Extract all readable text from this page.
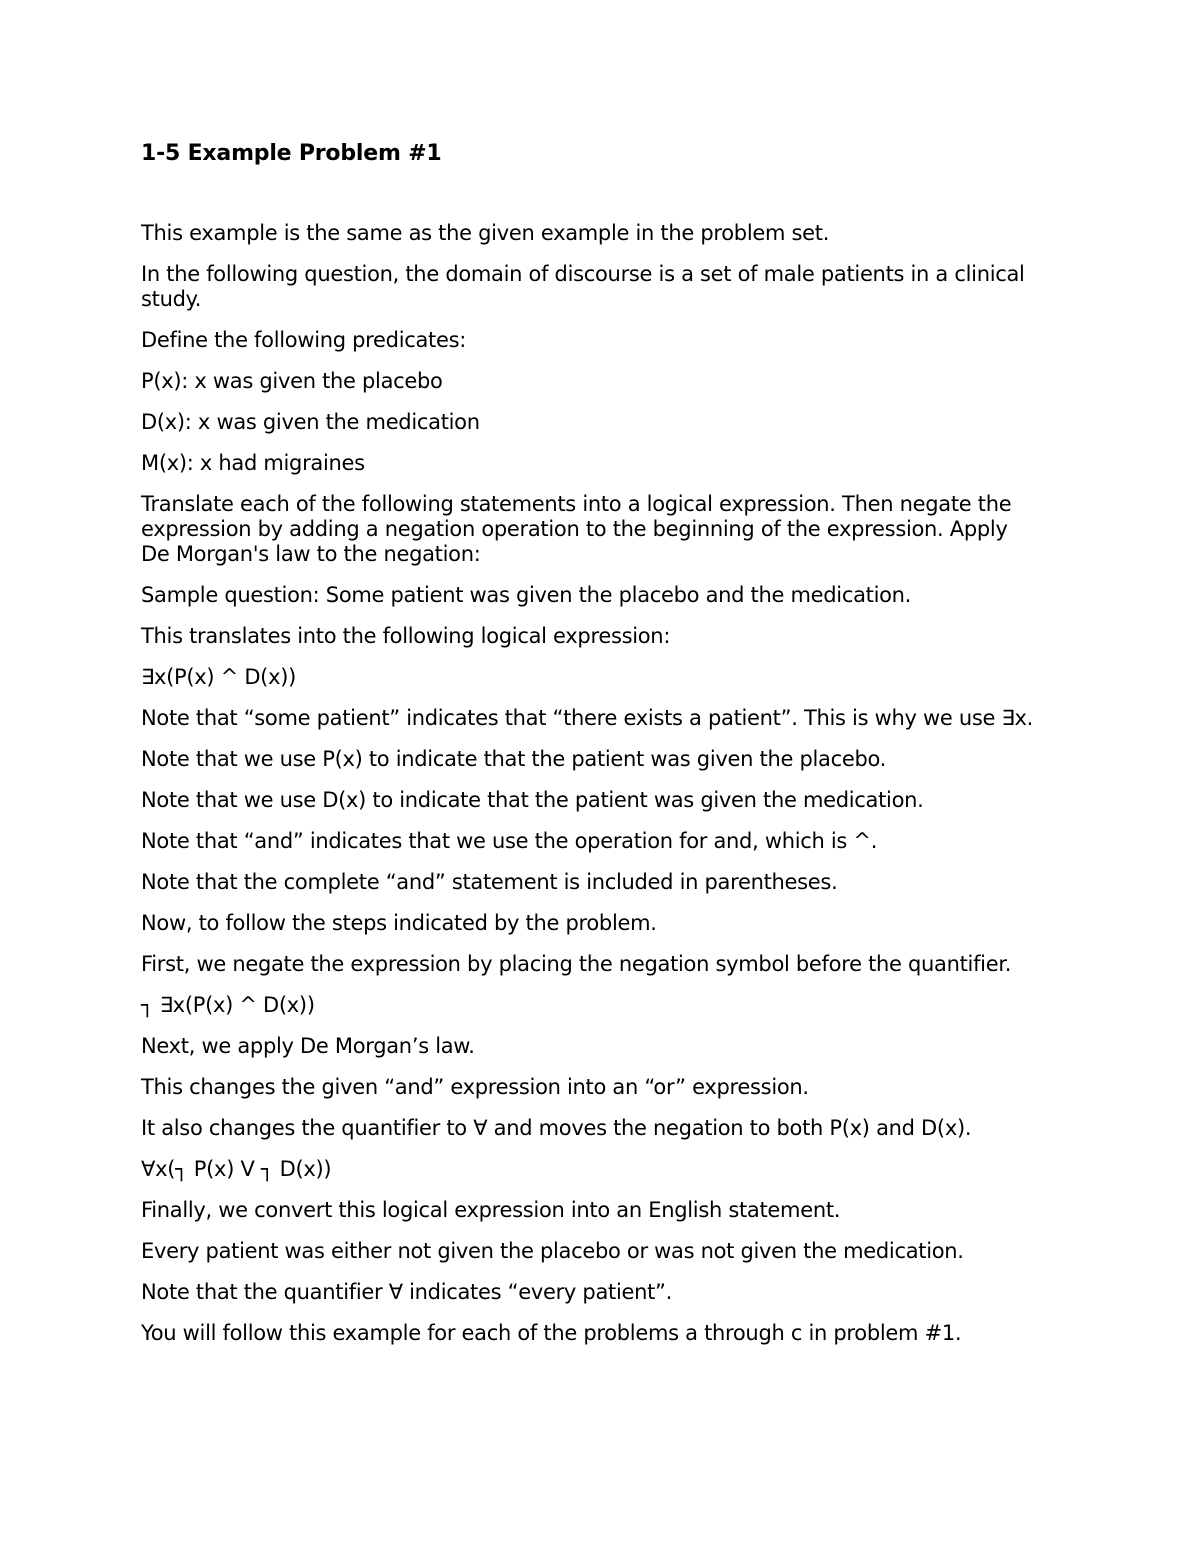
1-5 Example Problem #1

This example is the same as the given example in the problem set.

In the following question, the domain of discourse is a set of male patients in a clinical study.

Define the following predicates:

P(x): x was given the placebo

D(x): x was given the medication

M(x): x had migraines

Translate each of the following statements into a logical expression. Then negate the expression by adding a negation operation to the beginning of the expression. Apply De Morgan's law to the negation:

Sample question: Some patient was given the placebo and the medication.

This translates into the following logical expression:

∃x(P(x) ^ D(x))

Note that “some patient” indicates that “there exists a patient”. This is why we use ∃x.

Note that we use P(x) to indicate that the patient was given the placebo.

Note that we use D(x) to indicate that the patient was given the medication.

Note that “and” indicates that we use the operation for and, which is ^.

Note that the complete “and” statement is included in parentheses.

Now, to follow the steps indicated by the problem.

First, we negate the expression by placing the negation symbol before the quantifier.

┐ ∃x(P(x) ^ D(x))

Next, we apply De Morgan’s law.

This changes the given “and” expression into an “or” expression.

It also changes the quantifier to ∀ and moves the negation to both P(x) and D(x).

∀x(┐ P(x) V ┐ D(x))

Finally, we convert this logical expression into an English statement.

Every patient was either not given the placebo or was not given the medication.

Note that the quantifier ∀ indicates “every patient”.

You will follow this example for each of the problems a through c in problem #1.
